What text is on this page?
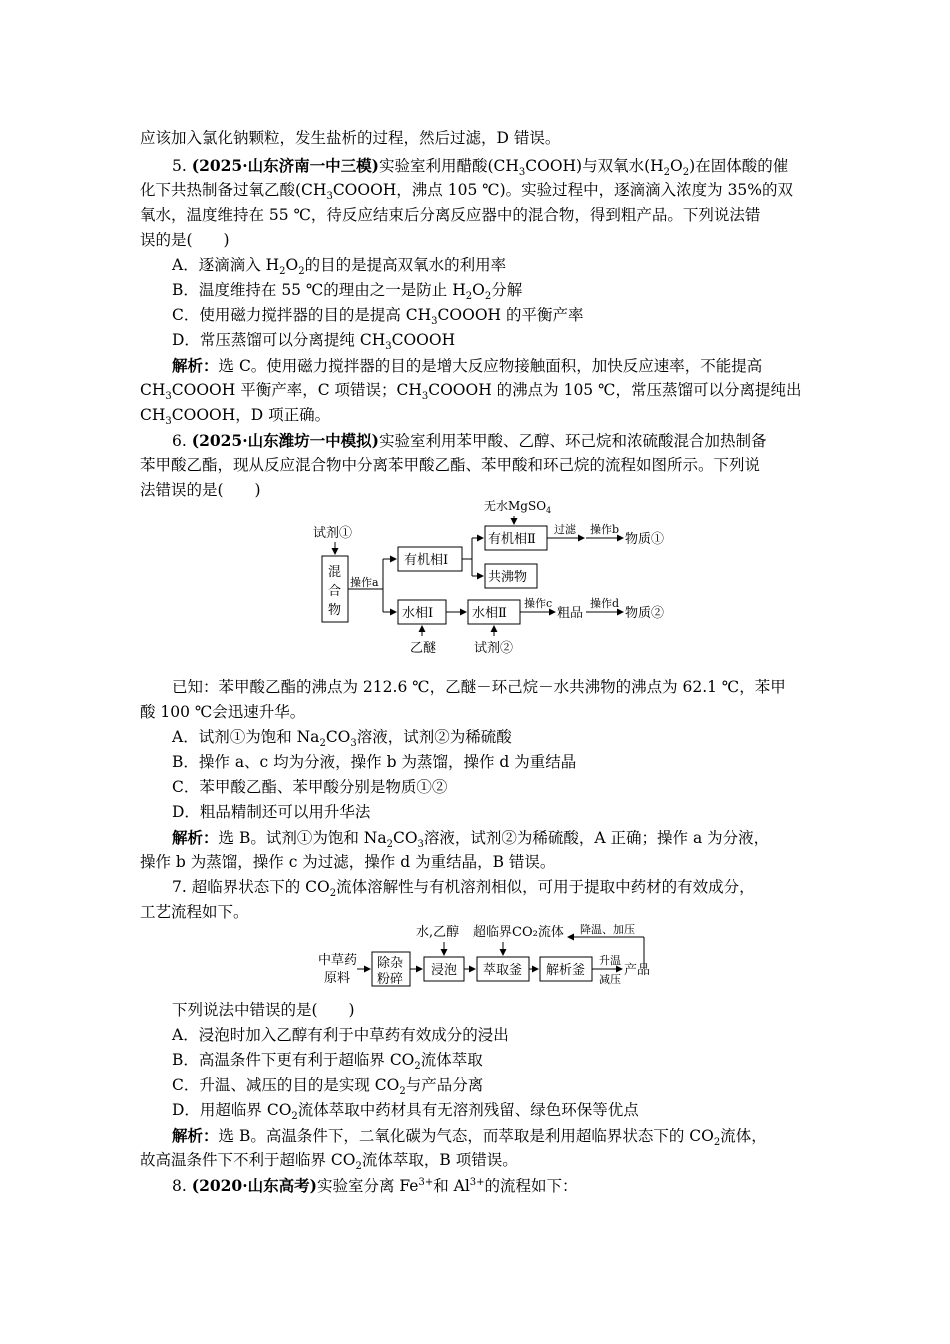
应该加入氯化钠颗粒，发生盐析的过程，然后过滤，D 错误。
5. (2025·山东济南一中三模)实验室利用醋酸$(CH_3COOH)$与双氧水$(H_2O_2)$在固体酸的催
化下共热制备过氧乙酸($CH_3COOOH$，沸点 105 ℃)。实验过程中，逐滴滴入浓度为 35%的双
氧水，温度维持在 55 ℃，待反应结束后分离反应器中的混合物，得到粗产品。下列说法错
误的是(　　)
A．逐滴滴入 $H_2O_2$的目的是提高双氧水的利用率
B．温度维持在 55 ℃的理由之一是防止 $H_2O_2$分解
C．使用磁力搅拌器的目的是提高 $CH_3COOOH$ 的平衡产率
D．常压蒸馏可以分离提纯 $CH_3COOOH$
解析：选 C。使用磁力搅拌器的目的是增大反应物接触面积，加快反应速率，不能提高
$CH_3COOOH$ 平衡产率，C 项错误；$CH_3COOOH$ 的沸点为 105 ℃，常压蒸馏可以分离提纯出
$CH_3COOOH$，D 项正确。
6. (2025·山东潍坊一中模拟)实验室利用苯甲酸、乙醇、环己烷和浓硫酸混合加热制备
苯甲酸乙酯，现从反应混合物中分离苯甲酸乙酯、苯甲酸和环己烷的流程如图所示。下列说
法错误的是(　　)
试剂①
混
合
物
操作a
有机相Ⅰ
有机相Ⅱ
无水MgSO$_4$
过滤 操作b
物质①
共沸物
水相Ⅰ	水相Ⅱ
操作c
粗品
操作d
物质②
乙醚	试剂②
已知：苯甲酸乙酯的沸点为 212.6 ℃，乙醚－环己烷－水共沸物的沸点为 62.1 ℃，苯甲
酸 100 ℃会迅速升华。
A．试剂①为饱和 $Na_2CO_3$溶液，试剂②为稀硫酸
B．操作 a、c 均为分液，操作 b 为蒸馏，操作 d 为重结晶
C．苯甲酸乙酯、苯甲酸分别是物质①②
D．粗品精制还可以用升华法
解析：选 B。试剂①为饱和 $Na_2CO_3$溶液，试剂②为稀硫酸，A 正确；操作 a 为分液，
操作 b 为蒸馏，操作 c 为过滤，操作 d 为重结晶，B 错误。
7. 超临界状态下的 $CO_2$流体溶解性与有机溶剂相似，可用于提取中药材的有效成分，
工艺流程如下。
中草药
原料
除杂
粉碎
水,乙醇
浸泡
超临界CO₂流体
萃取釜 解析釜
降温、加压
升温
减压
产品
下列说法中错误的是(　　)
A．浸泡时加入乙醇有利于中草药有效成分的浸出
B．高温条件下更有利于超临界 $CO_2$流体萃取
C．升温、减压的目的是实现 $CO_2$与产品分离
D．用超临界 $CO_2$流体萃取中药材具有无溶剂残留、绿色环保等优点
解析：选 B。高温条件下，二氧化碳为气态，而萃取是利用超临界状态下的 $CO_2$流体，
故高温条件下不利于超临界 $CO_2$流体萃取，B 项错误。
8. (2020·山东高考)实验室分离 $Fe^{3+}$和 $Al^{3+}$的流程如下：
